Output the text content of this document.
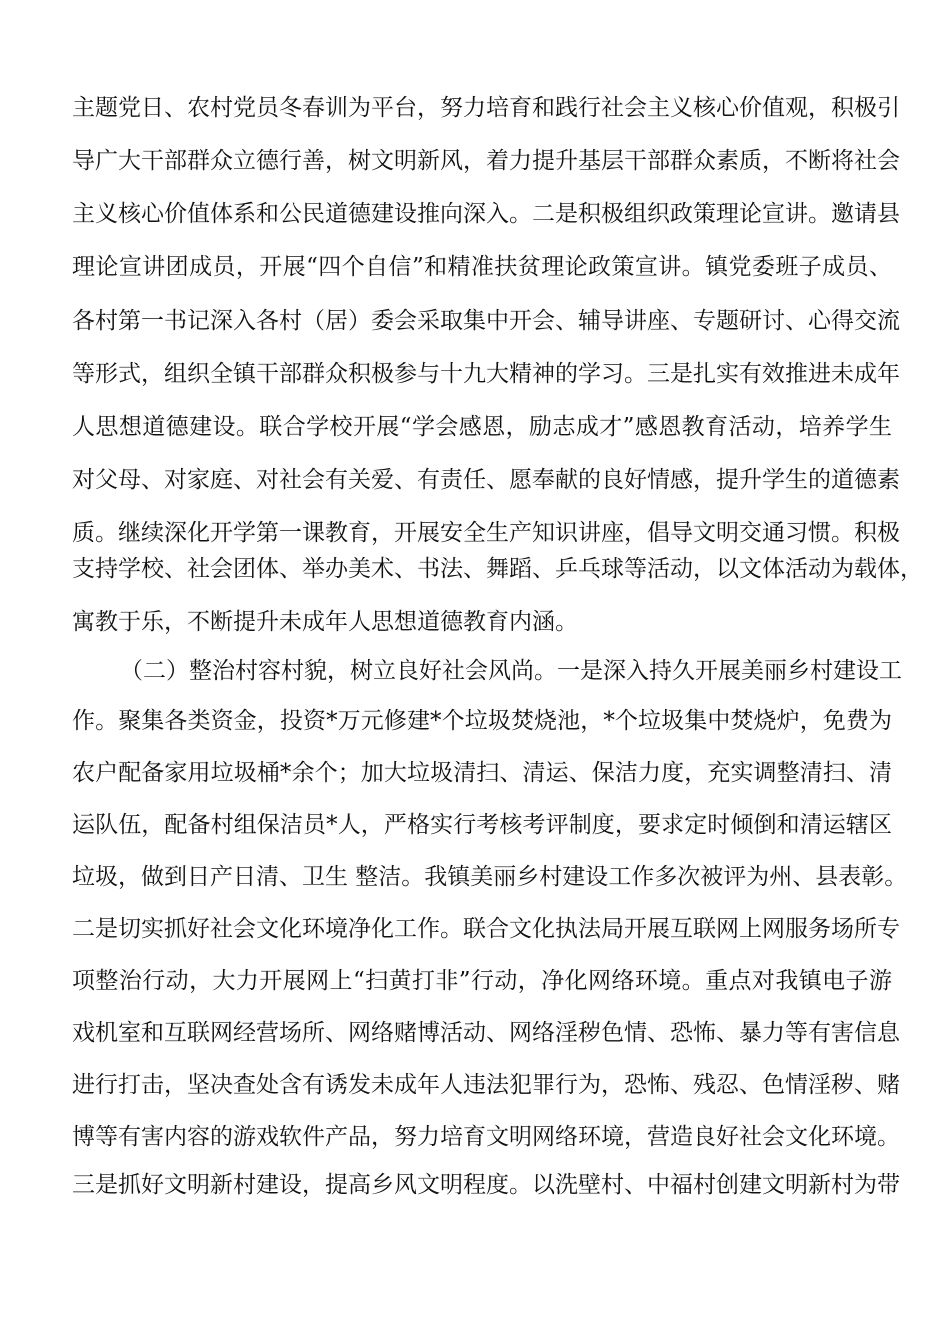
主题党日、农村党员冬春训为平台，努力培育和践行社会主义核心价值观，积极引
导广大干部群众立德行善，树文明新风，着力提升基层干部群众素质，不断将社会
主义核心价值体系和公民道德建设推向深入。二是积极组织政策理论宣讲。邀请县
理论宣讲团成员，开展“四个自信”和精准扶贫理论政策宣讲。镇党委班子成员、
各村第一书记深入各村（居）委会采取集中开会、辅导讲座、专题研讨、心得交流
等形式，组织全镇干部群众积极参与十九大精神的学习。三是扎实有效推进未成年
人思想道德建设。联合学校开展“学会感恩，励志成才”感恩教育活动，培养学生
对父母、对家庭、对社会有关爱、有责任、愿奉献的良好情感，提升学生的道德素
质。继续深化开学第一课教育，开展安全生产知识讲座，倡导文明交通习惯。积极
支持学校、社会团体、举办美术、书法、舞蹈、乒乓球等活动，以文体活动为载体，
寓教于乐，不断提升未成年人思想道德教育内涵。
（二）整治村容村貌，树立良好社会风尚。一是深入持久开展美丽乡村建设工
作。聚集各类资金，投资*万元修建*个垃圾焚烧池，*个垃圾集中焚烧炉，免费为
农户配备家用垃圾桶*余个；加大垃圾清扫、清运、保洁力度，充实调整清扫、清
运队伍，配备村组保洁员*人，严格实行考核考评制度，要求定时倾倒和清运辖区
垃圾，做到日产日清、卫生 整洁。我镇美丽乡村建设工作多次被评为州、县表彰。
二是切实抓好社会文化环境净化工作。联合文化执法局开展互联网上网服务场所专
项整治行动，大力开展网上“扫黄打非”行动，净化网络环境。重点对我镇电子游
戏机室和互联网经营场所、网络赌博活动、网络淫秽色情、恐怖、暴力等有害信息
进行打击，坚决查处含有诱发未成年人违法犯罪行为，恐怖、残忍、色情淫秽、赌
博等有害内容的游戏软件产品，努力培育文明网络环境，营造良好社会文化环境。
三是抓好文明新村建设，提高乡风文明程度。以洗壁村、中福村创建文明新村为带
